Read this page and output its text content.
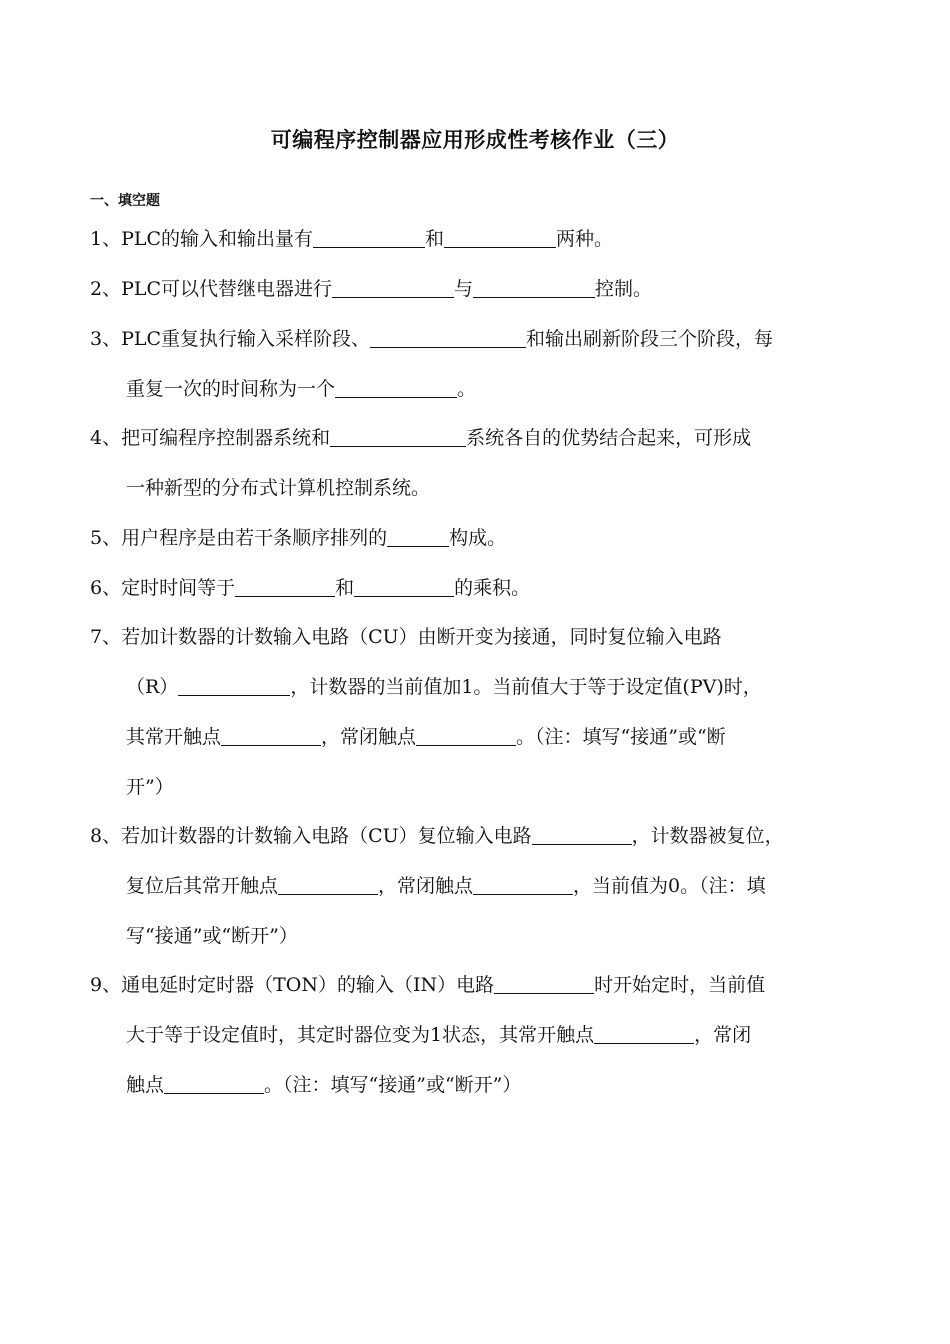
可编程序控制器应用形成性考核作业（三）
一、填空题
1、PLC的输入和输出量有	和	两种。
2、PLC可以代替继电器进行	与	控制。
3、PLC重复执行输入采样阶段、	和输出刷新阶段三个阶段，每
重复一次的时间称为一个	。
4、把可编程序控制器系统和	系统各自的优势结合起来，可形成
一种新型的分布式计算机控制系统。
5、用户程序是由若干条顺序排列的	构成。
6、定时时间等于	和	的乘积。
7、若加计数器的计数输入电路（CU）由断开变为接通，同时复位输入电路
（R）	，计数器的当前值加1。当前值大于等于设定值(PV)时，
其常开触点	，常闭触点	。（注：填写“接通”或“断
开”）
8、若加计数器的计数输入电路（CU）复位输入电路	，计数器被复位，
复位后其常开触点	，常闭触点	，当前值为0。（注：填
写“接通”或“断开”）
9、通电延时定时器（TON）的输入（IN）电路	时开始定时，当前值
大于等于设定值时，其定时器位变为1状态，其常开触点	，常闭
触点	。（注：填写“接通”或“断开”）
